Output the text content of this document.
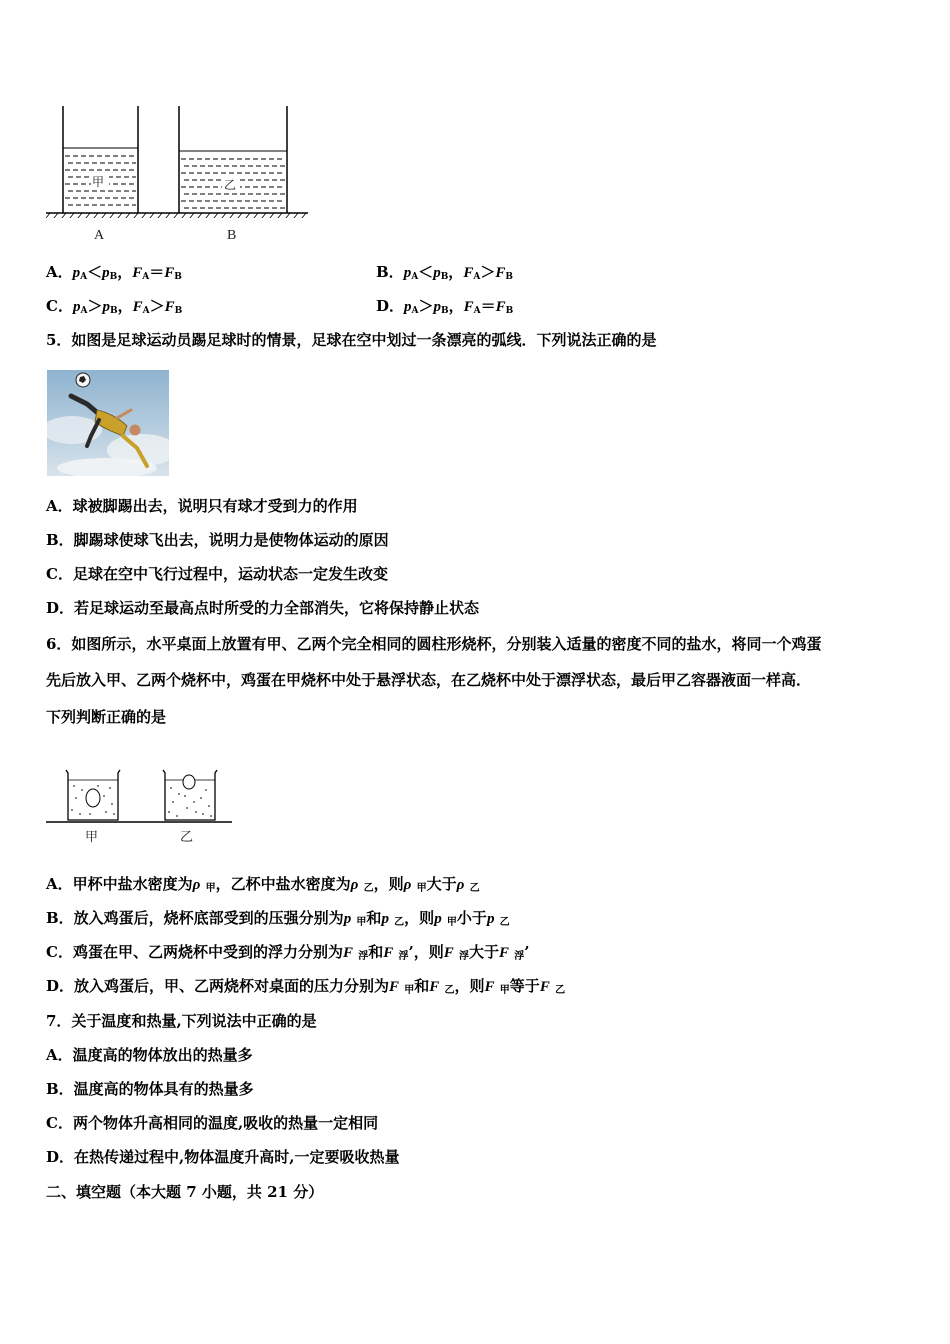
甲	乙
A	B
A．$p_A<p_B$，$F_A=F_B$	B．$p_A<p_B$，$F_A>F_B$
C．$p_A>p_B$，$F_A>F_B$	D．$p_A>p_B$，$F_A=F_B$
5．如图是足球运动员踢足球时的情景，足球在空中划过一条漂亮的弧线．下列说法正确的是
A．球被脚踢出去，说明只有球才受到力的作用
B．脚踢球使球飞出去，说明力是使物体运动的原因
C．足球在空中飞行过程中，运动状态一定发生改变
D．若足球运动至最高点时所受的力全部消失，它将保持静止状态
6．如图所示，水平桌面上放置有甲、乙两个完全相同的圆柱形烧杯，分别装入适量的密度不同的盐水，将同一个鸡蛋
先后放入甲、乙两个烧杯中，鸡蛋在甲烧杯中处于悬浮状态，在乙烧杯中处于漂浮状态，最后甲乙容器液面一样高．
下列判断正确的是
甲	乙
A．甲杯中盐水密度为ρ 甲，乙杯中盐水密度为ρ 乙，则ρ 甲大于ρ 乙
B．放入鸡蛋后，烧杯底部受到的压强分别为p 甲和p 乙，则p 甲小于p 乙
C．鸡蛋在甲、乙两烧杯中受到的浮力分别为F 浮和F 浮’，则F 浮大于F 浮’
D．放入鸡蛋后，甲、乙两烧杯对桌面的压力分别为F 甲和F 乙，则F 甲等于F 乙
7．关于温度和热量,下列说法中正确的是
A．温度高的物体放出的热量多
B．温度高的物体具有的热量多
C．两个物体升高相同的温度,吸收的热量一定相同
D．在热传递过程中,物体温度升高时,一定要吸收热量
二、填空题（本大题 7 小题，共 21 分）
